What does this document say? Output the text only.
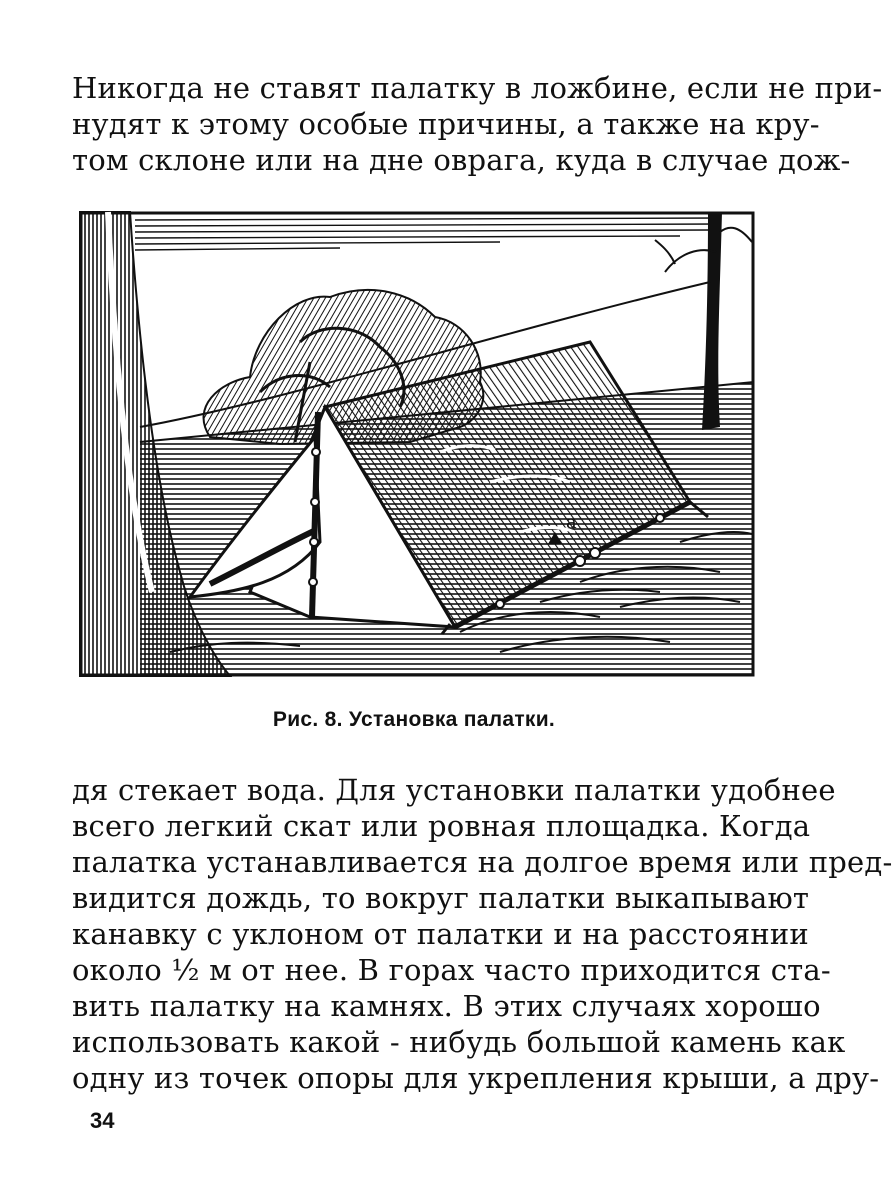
Никогда не ставят палатку в ложбине, если не при-
нудят к этому особые причины, а также на кру-
том склоне или на дне оврага, куда в случае дож-
а
Рис. 8. Установка палатки.
дя стекает вода. Для установки палатки удобнее
всего легкий скат или ровная площадка. Когда
палатка устанавливается на долгое время или пред-
видится дождь, то вокруг палатки выкапывают
канавку с уклоном от палатки и на расстоянии
около ½ м от нее. В горах часто приходится ста-
вить палатку на камнях. В этих случаях хорошо
использовать какой - нибудь большой камень как
одну из точек опоры для укрепления крыши, а дру-
34
